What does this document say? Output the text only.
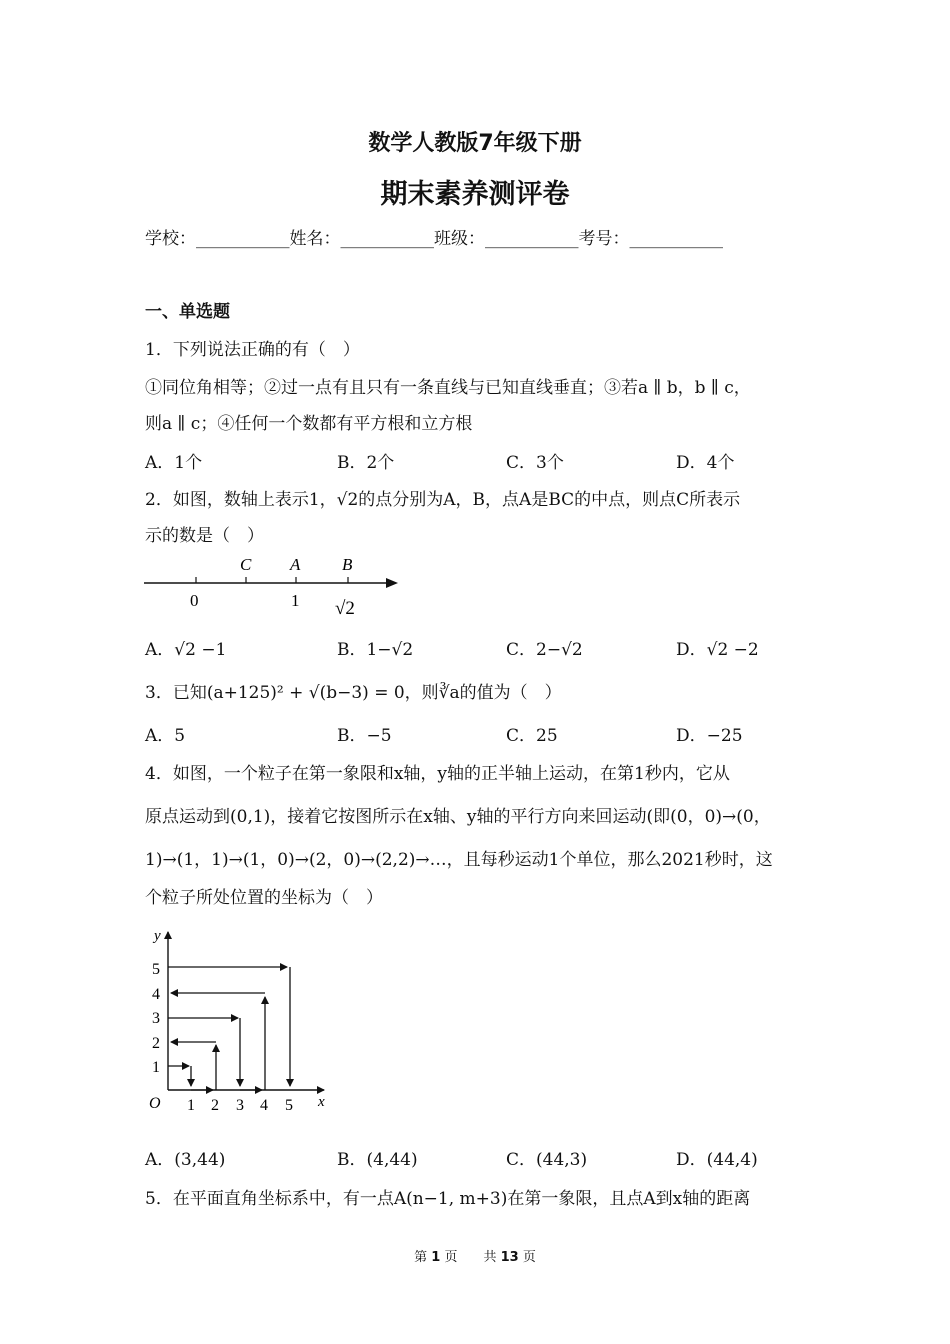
数学人教版7年级下册
期末素养测评卷
学校：___________姓名：___________班级：___________考号：___________
一、单选题
1．下列说法正确的有（　）
①同位角相等；②过一点有且只有一条直线与已知直线垂直；③若a ∥ b，b ∥ c，
则a ∥ c；④任何一个数都有平方根和立方根
A．1个	B．2个	C．3个	D．4个
2．如图，数轴上表示1，√2的点分别为A，B，点A是BC的中点，则点C所表示
示的数是（　）
C A B
0	1 √2
A．√2 −1	B．1−√2	C．2−√2	D．√2 −2
3．已知(a+125)² + √(b−3) = 0，则∛a的值为（　）
A．5	B．−5	C．25	D．−25
4．如图，一个粒子在第一象限和x轴，y轴的正半轴上运动，在第1秒内，它从
原点运动到(0,1)，接着它按图所示在x轴、y轴的平行方向来回运动(即(0，0)→(0，
1)→(1，1)→(1，0)→(2，0)→(2,2)→…，且每秒运动1个单位，那么2021秒时，这
个粒子所处位置的坐标为（　）
y
x
O 1 2 3 4 5
1
2
3
4
5
A．(3,44)	B．(4,44)	C．(44,3)	D．(44,4)
5．在平面直角坐标系中，有一点A(n−1, m+3)在第一象限，且点A到x轴的距离
第 1 页　　共 13 页
